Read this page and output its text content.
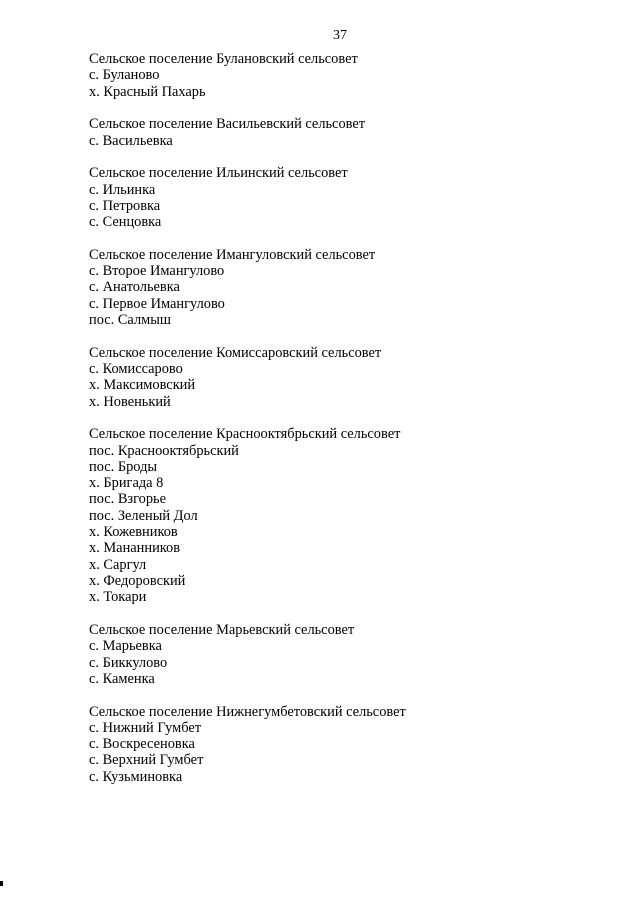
37
Сельское поселение Булановский сельсовет
с. Буланово
х. Красный Пахарь
Сельское поселение Васильевский сельсовет
с. Васильевка
Сельское поселение Ильинский сельсовет
с. Ильинка
с. Петровка
с. Сенцовка
Сельское поселение Имангуловский сельсовет
с. Второе Имангулово
с. Анатольевка
с. Первое Имангулово
пос. Салмыш
Сельское поселение Комиссаровский сельсовет
с. Комиссарово
х. Максимовский
х. Новенький
Сельское поселение Краснооктябрьский сельсовет
пос. Краснооктябрьский
пос. Броды
х. Бригада 8
пос. Взгорье
пос. Зеленый Дол
х. Кожевников
х. Мананников
х. Саргул
х. Федоровский
х. Токари
Сельское поселение Марьевский сельсовет
с. Марьевка
с. Биккулово
с. Каменка
Сельское поселение Нижнегумбетовский сельсовет
с. Нижний Гумбет
с. Воскресеновка
с. Верхний Гумбет
с. Кузьминовка
